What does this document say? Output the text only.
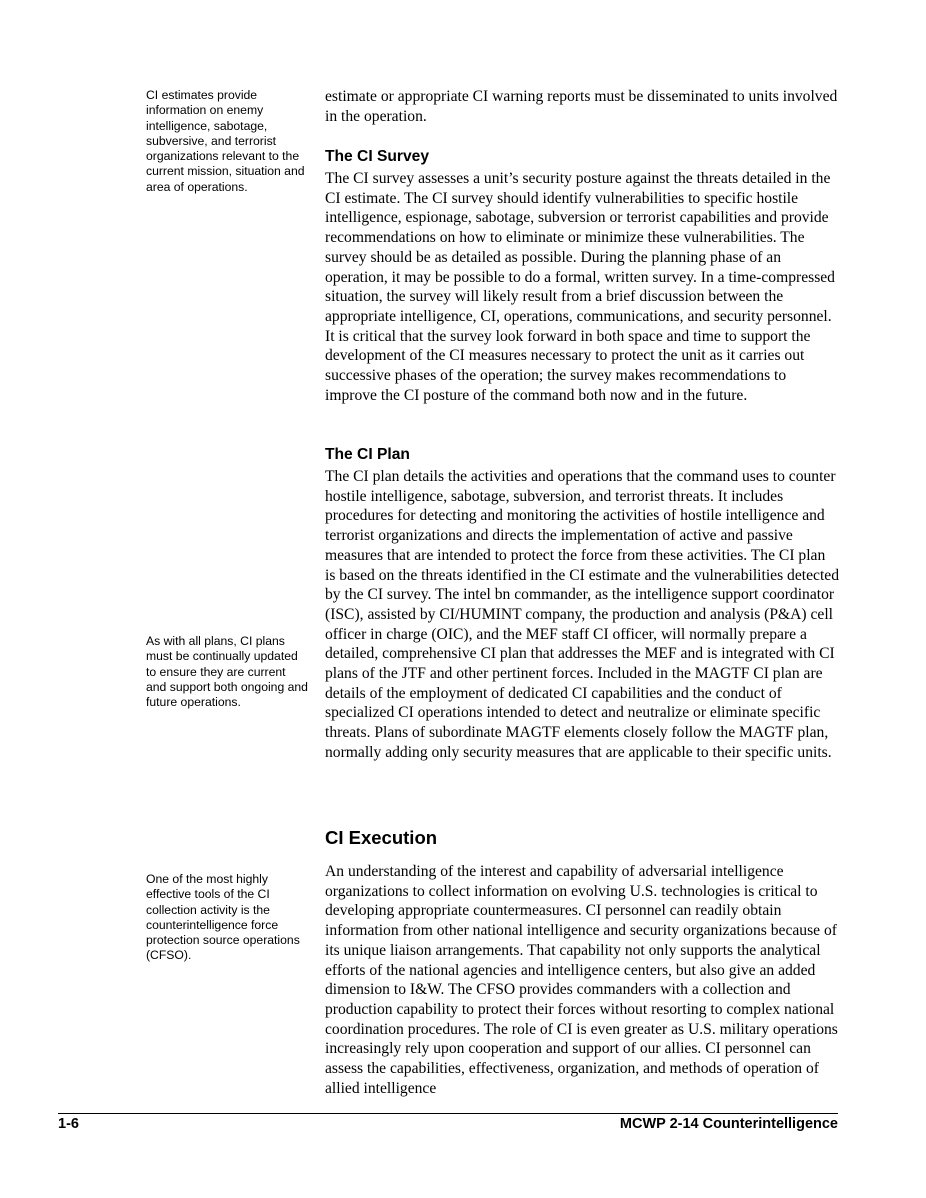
CI estimates provide information on enemy intelligence, sabotage, subversive, and terrorist organizations relevant to the current mission, situation and area of operations.
As with all plans, CI plans must be continually updated to ensure they are current and support both ongoing and future operations.
One of the most highly effective tools of the CI collection activity is the counterintelligence force protection source operations (CFSO).

estimate or appropriate CI warning reports must be disseminated to units involved in the operation.

The CI Survey

The CI survey assesses a unit’s security posture against the threats detailed in the CI estimate. The CI survey should identify vulnerabilities to specific hostile intelligence, espionage, sabotage, subversion or terrorist capabilities and provide recommendations on how to eliminate or minimize these vulnerabilities. The survey should be as detailed as possible. During the planning phase of an operation, it may be possible to do a formal, written survey. In a time-compressed situation, the survey will likely result from a brief discussion between the appropriate intelligence, CI, operations, communications, and security personnel. It is critical that the survey look forward in both space and time to support the development of the CI measures necessary to protect the unit as it carries out successive phases of the operation; the survey makes recommendations to improve the CI posture of the command both now and in the future.

The CI Plan

The CI plan details the activities and operations that the command uses to counter hostile intelligence, sabotage, subversion, and terrorist threats. It includes procedures for detecting and monitoring the activities of hostile intelligence and terrorist organizations and directs the implementation of active and passive measures that are intended to protect the force from these activities. The CI plan is based on the threats identified in the CI estimate and the vulnerabilities detected by the CI survey. The intel bn commander, as the intelligence support coordinator (ISC), assisted by CI/HUMINT company, the production and analysis (P&A) cell officer in charge (OIC), and the MEF staff CI officer, will normally prepare a detailed, comprehensive CI plan that addresses the MEF and is integrated with CI plans of the JTF and other pertinent forces. Included in the MAGTF CI plan are details of the employment of dedicated CI capabilities and the conduct of specialized CI operations intended to detect and neutralize or eliminate specific threats. Plans of subordinate MAGTF elements closely follow the MAGTF plan, normally adding only security measures that are applicable to their specific units.

CI Execution

An understanding of the interest and capability of adversarial intelligence organizations to collect information on evolving U.S. technologies is critical to developing appropriate countermeasures. CI personnel can readily obtain information from other national intelligence and security organizations because of its unique liaison arrangements. That capability not only supports the analytical efforts of the national agencies and intelligence centers, but also give an added dimension to I&W. The CFSO provides commanders with a collection and production capability to protect their forces without resorting to complex national coordination procedures. The role of CI is even greater as U.S. military operations increasingly rely upon cooperation and support of our allies. CI personnel can assess the capabilities, effectiveness, organization, and methods of operation of allied intelligence

1-6	MCWP 2-14 Counterintelligence
